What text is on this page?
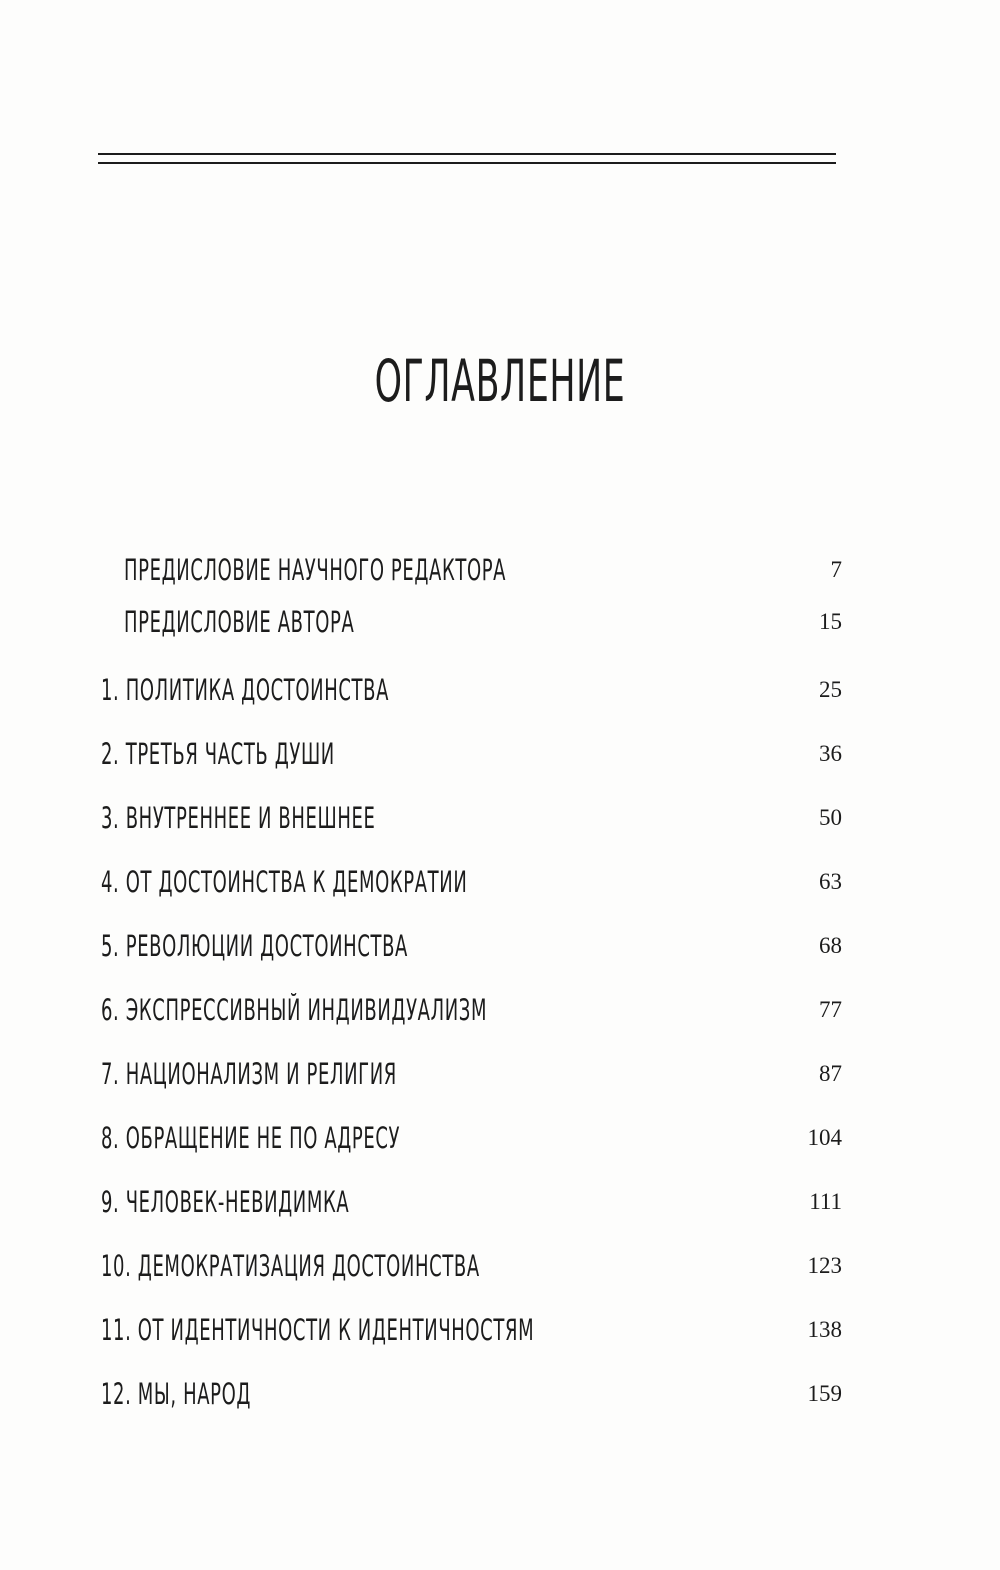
ОГЛАВЛЕНИЕ
ПРЕДИСЛОВИЕ НАУЧНОГО РЕДАКТОРА	7
ПРЕДИСЛОВИЕ АВТОРА	15
1. ПОЛИТИКА ДОСТОИНСТВА	25
2. ТРЕТЬЯ ЧАСТЬ ДУШИ	36
3. ВНУТРЕННЕЕ И ВНЕШНЕЕ	50
4. ОТ ДОСТОИНСТВА К ДЕМОКРАТИИ	63
5. РЕВОЛЮЦИИ ДОСТОИНСТВА	68
6. ЭКСПРЕССИВНЫЙ ИНДИВИДУАЛИЗМ	77
7. НАЦИОНАЛИЗМ И РЕЛИГИЯ	87
8. ОБРАЩЕНИЕ НЕ ПО АДРЕСУ	104
9. ЧЕЛОВЕК-НЕВИДИМКА	111
10. ДЕМОКРАТИЗАЦИЯ ДОСТОИНСТВА	123
11. ОТ ИДЕНТИЧНОСТИ К ИДЕНТИЧНОСТЯМ	138
12. МЫ, НАРОД	159
